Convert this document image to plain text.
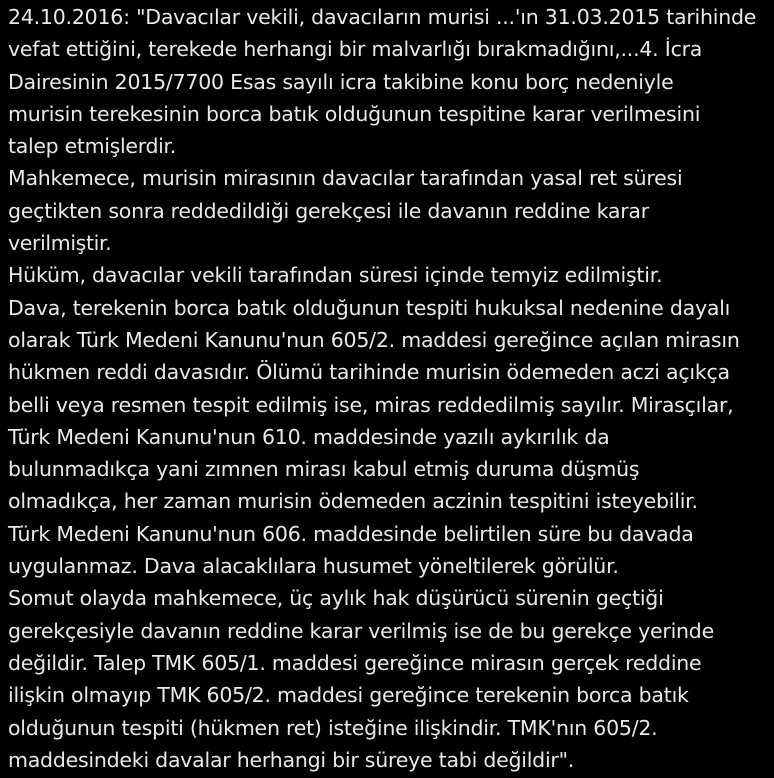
24.10.2016: "Davacılar vekili, davacıların murisi ...'ın 31.03.2015 tarihinde
vefat ettiğini, terekede herhangi bir malvarlığı bırakmadığını,...4. İcra
Dairesinin 2015/7700 Esas sayılı icra takibine konu borç nedeniyle
murisin terekesinin borca batık olduğunun tespitine karar verilmesini
talep etmişlerdir.
Mahkemece, murisin mirasının davacılar tarafından yasal ret süresi
geçtikten sonra reddedildiği gerekçesi ile davanın reddine karar
verilmiştir.
Hüküm, davacılar vekili tarafından süresi içinde temyiz edilmiştir.
Dava, terekenin borca batık olduğunun tespiti hukuksal nedenine dayalı
olarak Türk Medeni Kanunu'nun 605/2. maddesi gereğince açılan mirasın
hükmen reddi davasıdır. Ölümü tarihinde murisin ödemeden aczi açıkça
belli veya resmen tespit edilmiş ise, miras reddedilmiş sayılır. Mirasçılar,
Türk Medeni Kanunu'nun 610. maddesinde yazılı aykırılık da
bulunmadıkça yani zımnen mirası kabul etmiş duruma düşmüş
olmadıkça, her zaman murisin ödemeden aczinin tespitini isteyebilir.
Türk Medeni Kanunu'nun 606. maddesinde belirtilen süre bu davada
uygulanmaz. Dava alacaklılara husumet yöneltilerek görülür.
Somut olayda mahkemece, üç aylık hak düşürücü sürenin geçtiği
gerekçesiyle davanın reddine karar verilmiş ise de bu gerekçe yerinde
değildir. Talep TMK 605/1. maddesi gereğince mirasın gerçek reddine
ilişkin olmayıp TMK 605/2. maddesi gereğince terekenin borca batık
olduğunun tespiti (hükmen ret) isteğine ilişkindir. TMK'nın 605/2.
maddesindeki davalar herhangi bir süreye tabi değildir".
